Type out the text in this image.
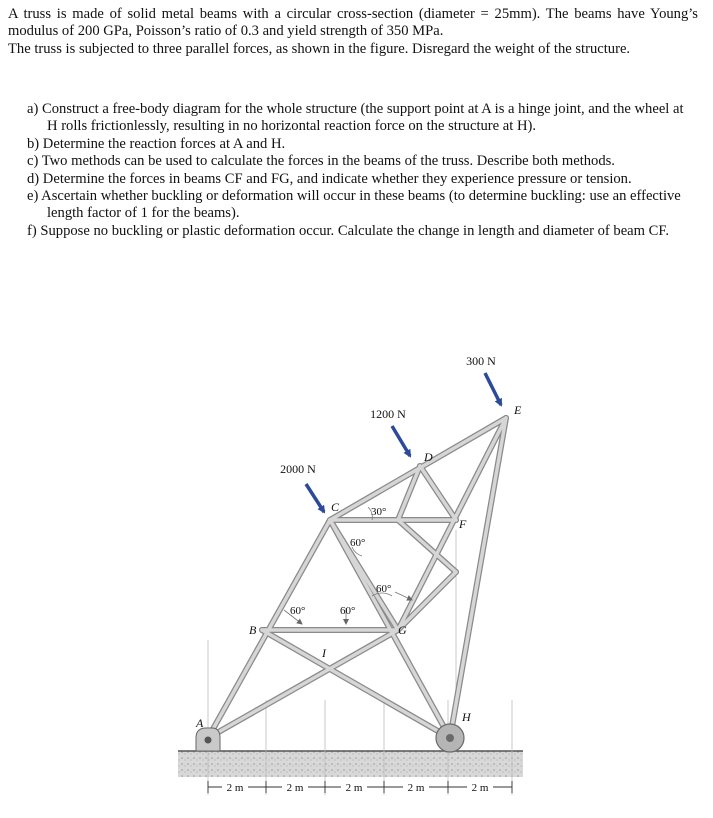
A truss is made of solid metal beams with a circular cross-section (diameter = 25mm). The beams have Young’s modulus of 200 GPa, Poisson’s ratio of 0.3 and yield strength of 350 MPa.
The truss is subjected to three parallel forces, as shown in the figure. Disregard the weight of the structure.
a) Construct a free-body diagram for the whole structure (the support point at A is a hinge joint, and the wheel at H rolls frictionlessly, resulting in no horizontal reaction force on the structure at H).
b) Determine the reaction forces at A and H.
c) Two methods can be used to calculate the forces in the beams of the truss. Describe both methods.
d) Determine the forces in beams CF and FG, and indicate whether they experience pressure or tension.
e) Ascertain whether buckling or deformation will occur in these beams (to determine buckling: use an effective length factor of 1 for the beams).
f) Suppose no buckling or plastic deformation occur. Calculate the change in length and diameter of beam CF.
2000 N
1200 N
300 N
A
B
C
D
E
F
G
H
I
30°
60°
60°
60°	60°
2 m	2 m	2 m	2 m	2 m
